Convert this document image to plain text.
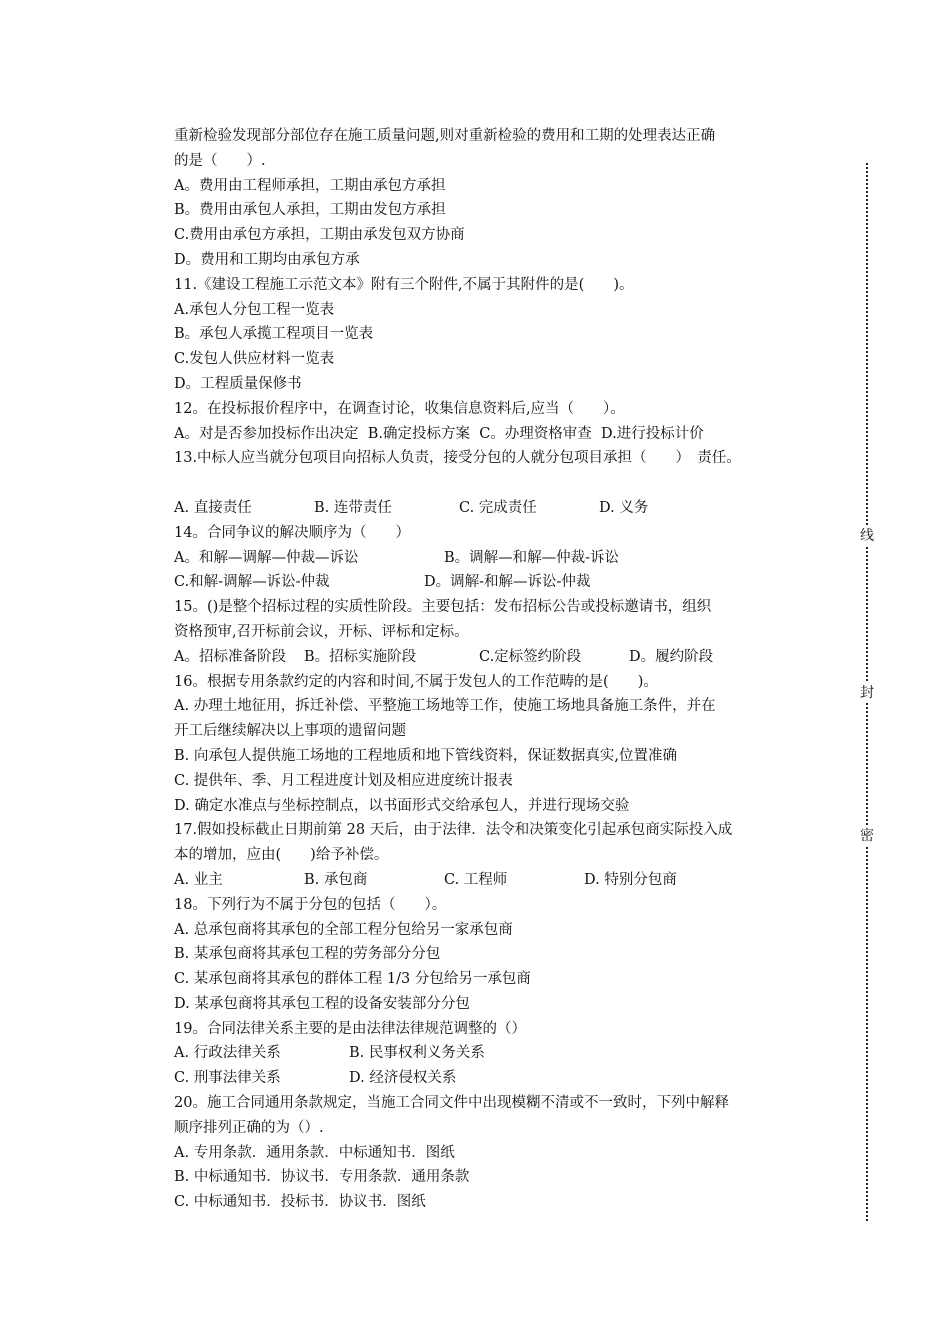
重新检验发现部分部位存在施工质量问题,则对重新检验的费用和工期的处理表达正确
的是（　　）.
A。费用由工程师承担，工期由承包方承担
B。费用由承包人承担，工期由发包方承担
C.费用由承包方承担，工期由承发包双方协商
D。费用和工期均由承包方承
11.《建设工程施工示范文本》附有三个附件,不属于其附件的是(　　)。
A.承包人分包工程一览表
B。承包人承揽工程项目一览表
C.发包人供应材料一览表
D。工程质量保修书
12。在投标报价程序中，在调查讨论，收集信息资料后,应当（　　）。
A。对是否参加投标作出决定 B.确定投标方案 C。办理资格审查 D.进行投标计价
13.中标人应当就分包项目向招标人负责，接受分包的人就分包项目承担（　　）　责任。
A. 直接责任	B. 连带责任	C. 完成责任	D. 义务
14。合同争议的解决顺序为（　　）
A。和解—调解—仲裁—诉讼	B。调解—和解—仲裁-诉讼
C.和解-调解—诉讼-仲裁	D。调解-和解—诉讼-仲裁
15。()是整个招标过程的实质性阶段。主要包括：发布招标公告或投标邀请书，组织
资格预审,召开标前会议，开标、评标和定标。
A。招标准备阶段 B。招标实施阶段	C.定标签约阶段	D。履约阶段
16。根据专用条款约定的内容和时间,不属于发包人的工作范畴的是(　　)。
A. 办理土地征用，拆迁补偿、平整施工场地等工作，使施工场地具备施工条件，并在
开工后继续解决以上事项的遗留问题
B. 向承包人提供施工场地的工程地质和地下管线资料，保证数据真实,位置准确
C. 提供年、季、月工程进度计划及相应进度统计报表
D. 确定水准点与坐标控制点，以书面形式交给承包人，并进行现场交验
17.假如投标截止日期前第 28 天后，由于法律．法令和决策变化引起承包商实际投入成
本的增加，应由(　　)给予补偿。
A. 业主	B. 承包商	C. 工程师	D. 特别分包商
18。下列行为不属于分包的包括（　　）。
A. 总承包商将其承包的全部工程分包给另一家承包商
B. 某承包商将其承包工程的劳务部分分包
C. 某承包商将其承包的群体工程 1/3 分包给另一承包商
D. 某承包商将其承包工程的设备安装部分分包
19。合同法律关系主要的是由法律法律规范调整的（）
A. 行政法律关系	B. 民事权利义务关系
C. 刑事法律关系	D. 经济侵权关系
20。施工合同通用条款规定，当施工合同文件中出现模糊不清或不一致时，下列中解释
顺序排列正确的为（）.
A. 专用条款．通用条款．中标通知书．图纸
B. 中标通知书．协议书．专用条款．通用条款
C. 中标通知书．投标书．协议书．图纸
线
封
密
